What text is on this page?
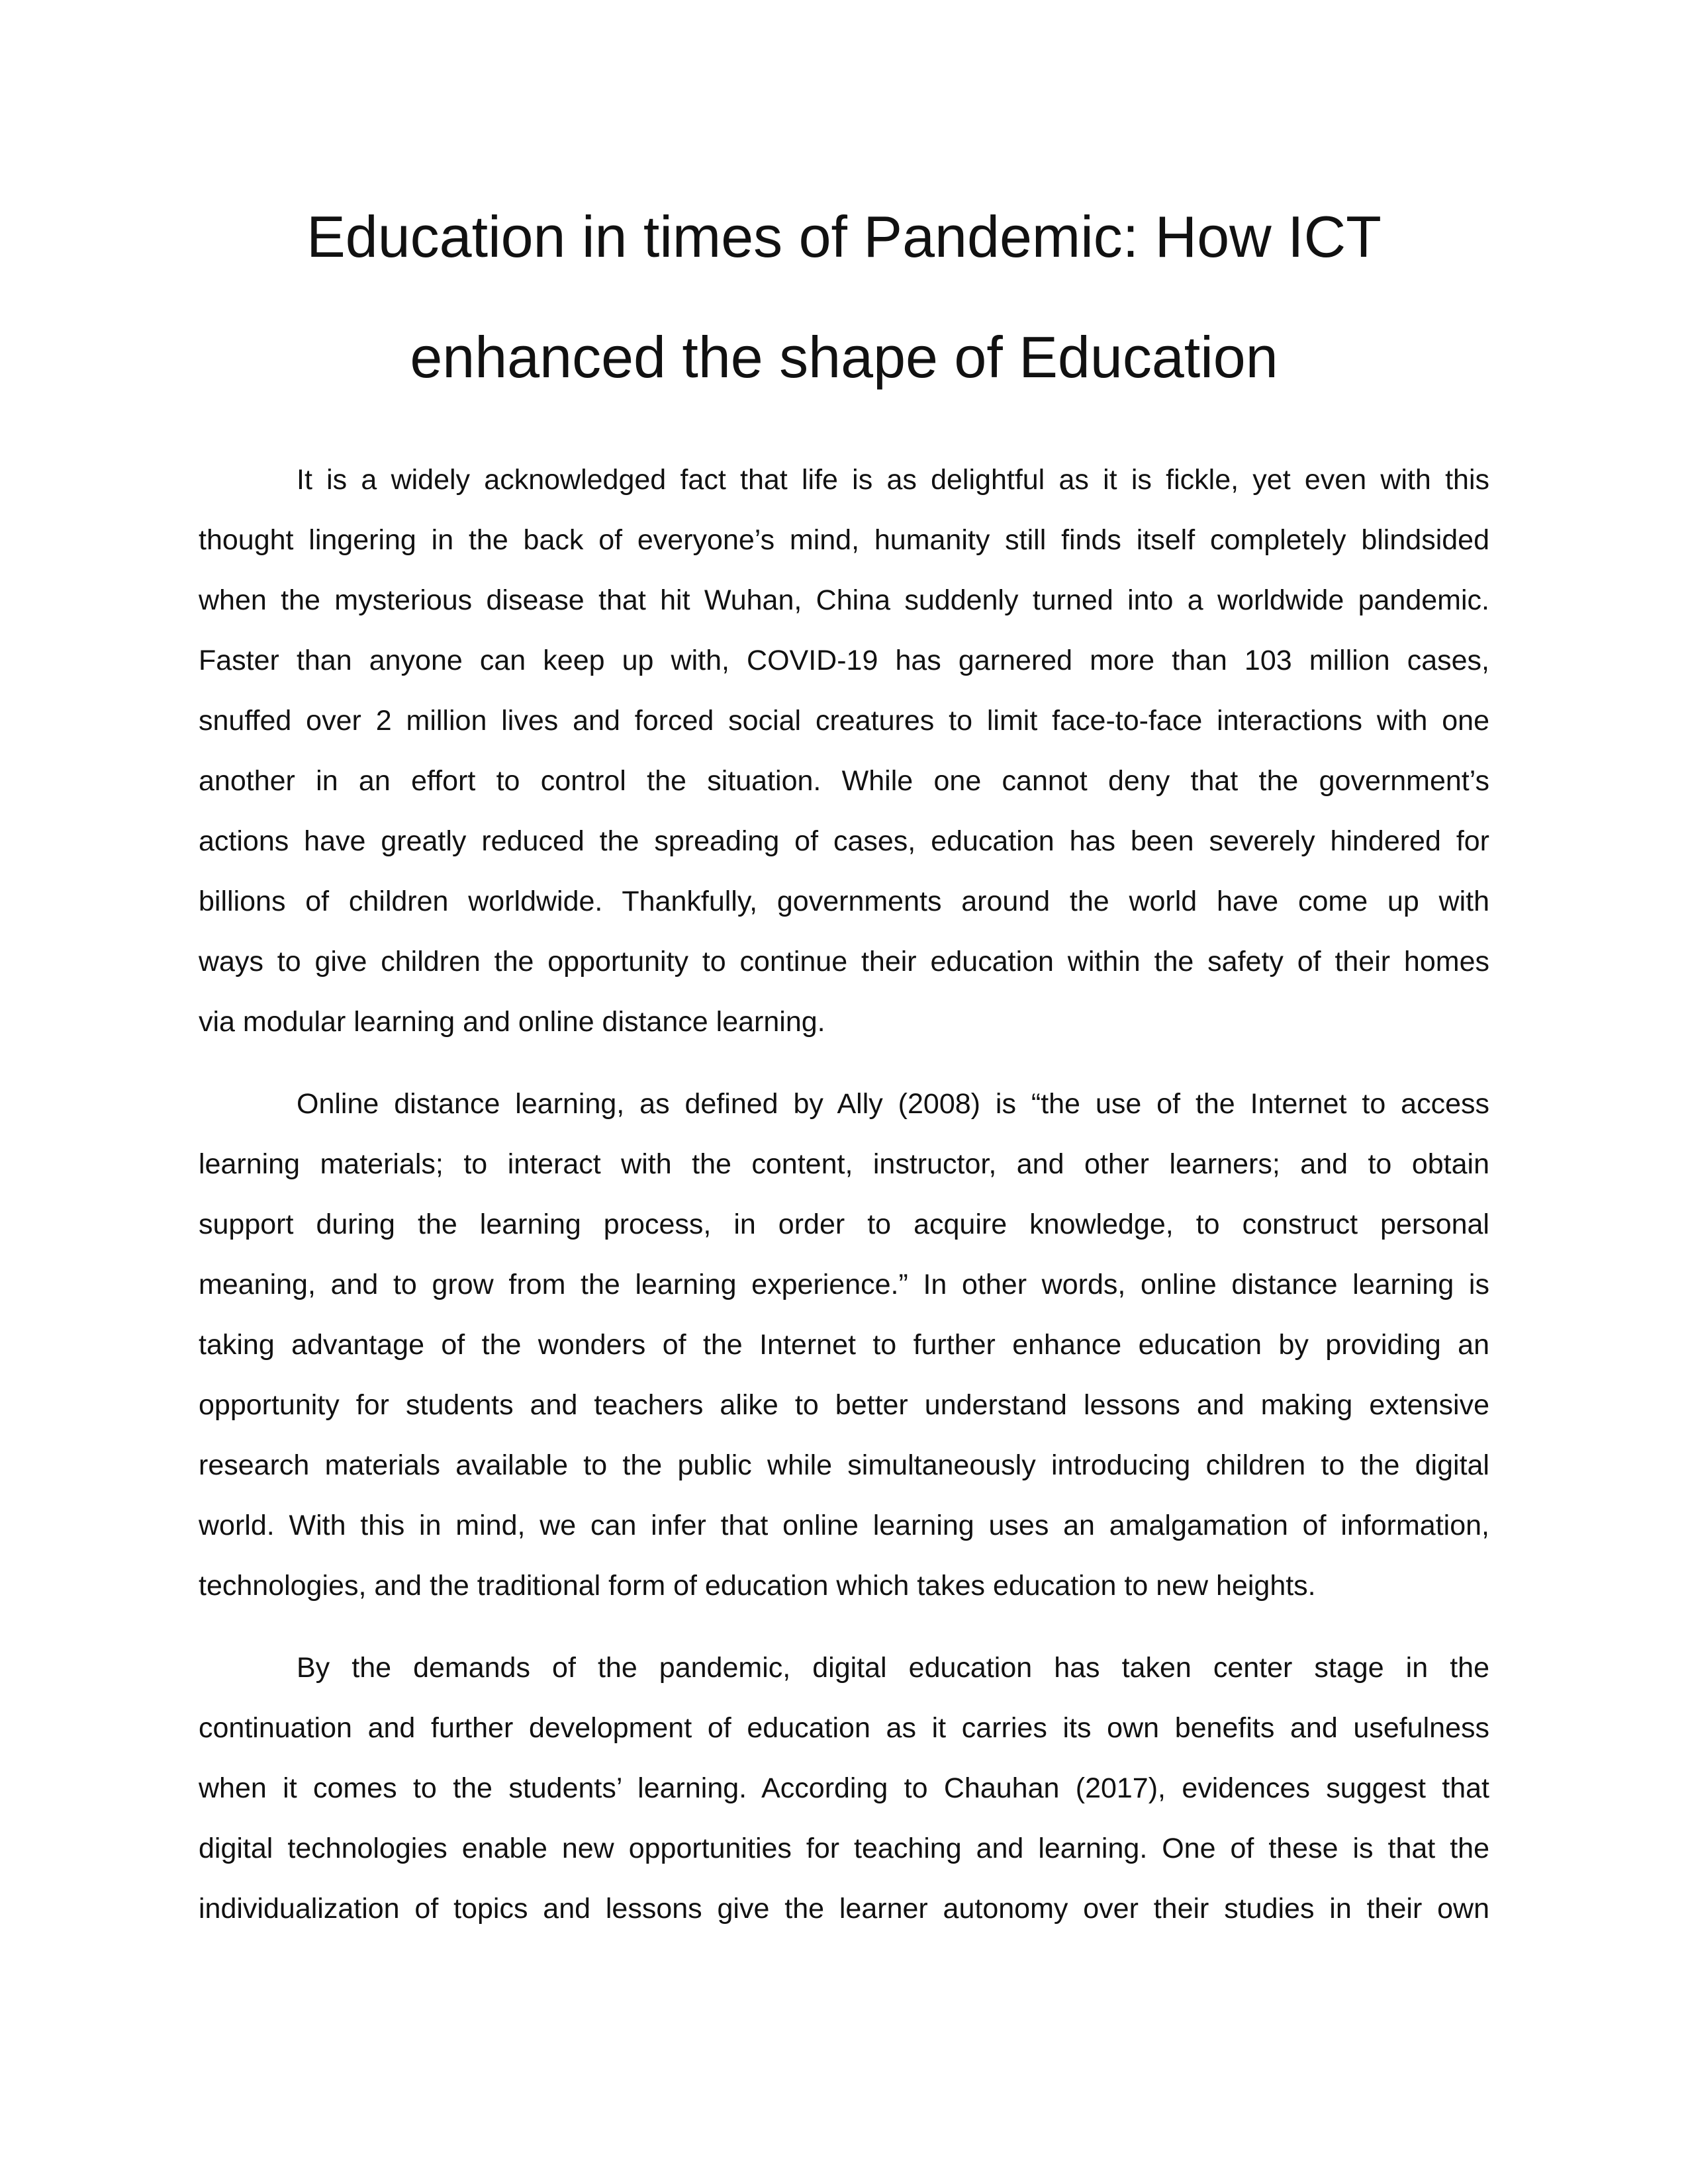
Education in times of Pandemic: How ICT
enhanced the shape of Education
It is a widely acknowledged fact that life is as delightful as it is fickle, yet even with this
thought lingering in the back of everyone’s mind, humanity still finds itself completely blindsided
when the mysterious disease that hit Wuhan, China suddenly turned into a worldwide pandemic.
Faster than anyone can keep up with, COVID-19 has garnered more than 103 million cases,
snuffed over 2 million lives and forced social creatures to limit face-to-face interactions with one
another in an effort to control the situation. While one cannot deny that the government’s
actions have greatly reduced the spreading of cases, education has been severely hindered for
billions of children worldwide. Thankfully, governments around the world have come up with
ways to give children the opportunity to continue their education within the safety of their homes
via modular learning and online distance learning.
Online distance learning, as defined by Ally (2008) is “the use of the Internet to access
learning materials; to interact with the content, instructor, and other learners; and to obtain
support during the learning process, in order to acquire knowledge, to construct personal
meaning, and to grow from the learning experience.” In other words, online distance learning is
taking advantage of the wonders of the Internet to further enhance education by providing an
opportunity for students and teachers alike to better understand lessons and making extensive
research materials available to the public while simultaneously introducing children to the digital
world. With this in mind, we can infer that online learning uses an amalgamation of information,
technologies, and the traditional form of education which takes education to new heights.
By the demands of the pandemic, digital education has taken center stage in the
continuation and further development of education as it carries its own benefits and usefulness
when it comes to the students’ learning. According to Chauhan (2017), evidences suggest that
digital technologies enable new opportunities for teaching and learning. One of these is that the
individualization of topics and lessons give the learner autonomy over their studies in their own
